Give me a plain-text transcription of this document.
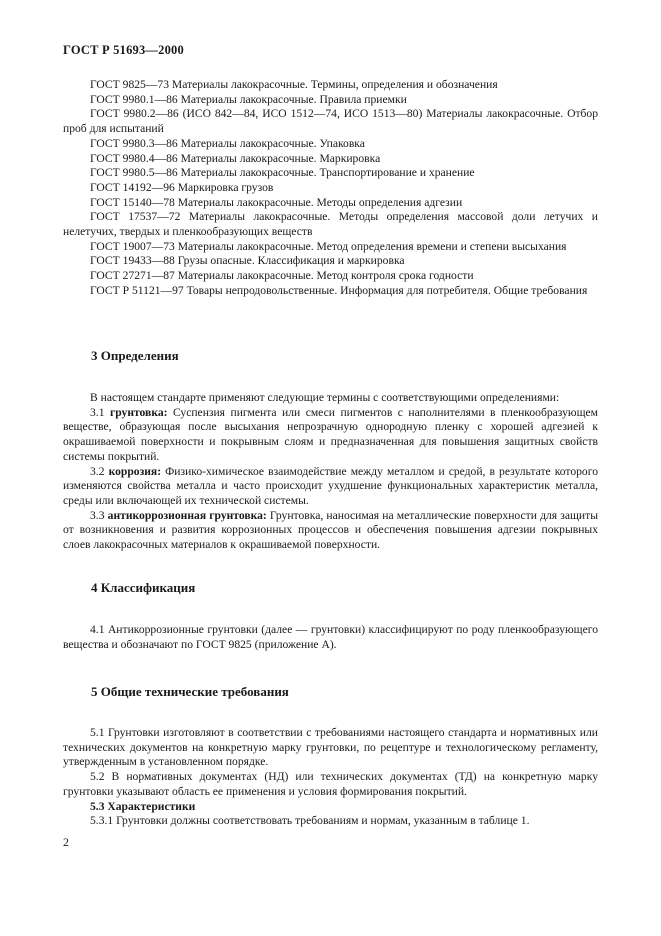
ГОСТ Р 51693—2000

ГОСТ 9825—73 Материалы лакокрасочные. Термины, определения и обозначения

ГОСТ 9980.1—86 Материалы лакокрасочные. Правила приемки

ГОСТ 9980.2—86 (ИСО 842—84, ИСО 1512—74, ИСО 1513—80) Материалы лакокрасочные. Отбор проб для испытаний

ГОСТ 9980.3—86 Материалы лакокрасочные. Упаковка

ГОСТ 9980.4—86 Материалы лакокрасочные. Маркировка

ГОСТ 9980.5—86 Материалы лакокрасочные. Транспортирование и хранение

ГОСТ 14192—96 Маркировка грузов

ГОСТ 15140—78 Материалы лакокрасочные. Методы определения адгезии

ГОСТ 17537—72 Материалы лакокрасочные. Методы определения массовой доли летучих и нелетучих, твердых и пленкообразующих веществ

ГОСТ 19007—73 Материалы лакокрасочные. Метод определения времени и степени высыхания

ГОСТ 19433—88 Грузы опасные. Классификация и маркировка

ГОСТ 27271—87 Материалы лакокрасочные. Метод контроля срока годности

ГОСТ Р 51121—97 Товары непродовольственные. Информация для потребителя. Общие требования

3 Определения

В настоящем стандарте применяют следующие термины с соответствующими определениями:

3.1 грунтовка: Суспензия пигмента или смеси пигментов с наполнителями в пленкообразующем веществе, образующая после высыхания непрозрачную однородную пленку с хорошей адгезией к окрашиваемой поверхности и покрывным слоям и предназначенная для повышения защитных свойств системы покрытий.

3.2 коррозия: Физико-химическое взаимодействие между металлом и средой, в результате которого изменяются свойства металла и часто происходит ухудшение функциональных характеристик металла, среды или включающей их технической системы.

3.3 антикоррозионная грунтовка: Грунтовка, наносимая на металлические поверхности для защиты от возникновения и развития коррозионных процессов и обеспечения повышения адгезии покрывных слоев лакокрасочных материалов к окрашиваемой поверхности.

4 Классификация

4.1 Антикоррозионные грунтовки (далее — грунтовки) классифицируют по роду пленкообразующего вещества и обозначают по ГОСТ 9825 (приложение А).

5 Общие технические требования

5.1 Грунтовки изготовляют в соответствии с требованиями настоящего стандарта и нормативных или технических документов на конкретную марку грунтовки, по рецептуре и технологическому регламенту, утвержденным в установленном порядке.

5.2 В нормативных документах (НД) или технических документах (ТД) на конкретную марку грунтовки указывают область ее применения и условия формирования покрытий.

5.3 Характеристики

5.3.1 Грунтовки должны соответствовать требованиям и нормам, указанным в таблице 1.

2
